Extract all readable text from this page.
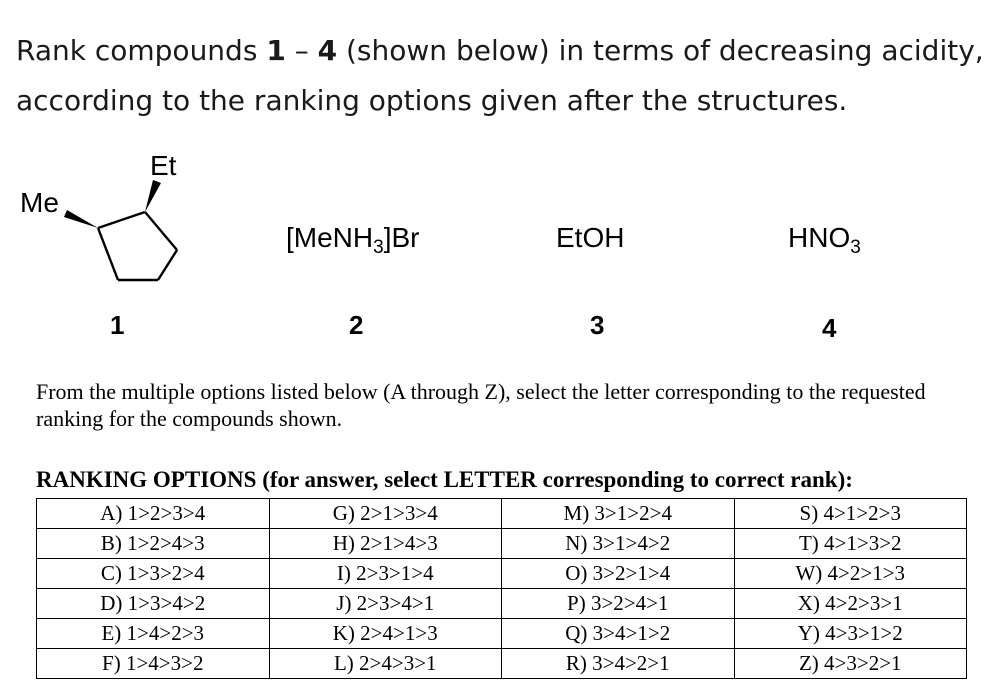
Rank compounds 1 – 4 (shown below) in terms of decreasing acidity,
according to the ranking options given after the structures.
Me
Et
[MeNH$_3$]Br	EtOH	$HNO_3$
1	2	3	4
From the multiple options listed below (A through Z), select the letter corresponding to the requested ranking for the compounds shown.
RANKING OPTIONS (for answer, select LETTER corresponding to correct rank):
A) 1>2>3>4	G) 2>1>3>4	M) 3>1>2>4	S) 4>1>2>3
B) 1>2>4>3	H) 2>1>4>3	N) 3>1>4>2	T) 4>1>3>2
C) 1>3>2>4	I) 2>3>1>4	O) 3>2>1>4	W) 4>2>1>3
D) 1>3>4>2	J) 2>3>4>1	P) 3>2>4>1	X) 4>2>3>1
E) 1>4>2>3	K) 2>4>1>3	Q) 3>4>1>2	Y) 4>3>1>2
F) 1>4>3>2	L) 2>4>3>1	R) 3>4>2>1	Z) 4>3>2>1
